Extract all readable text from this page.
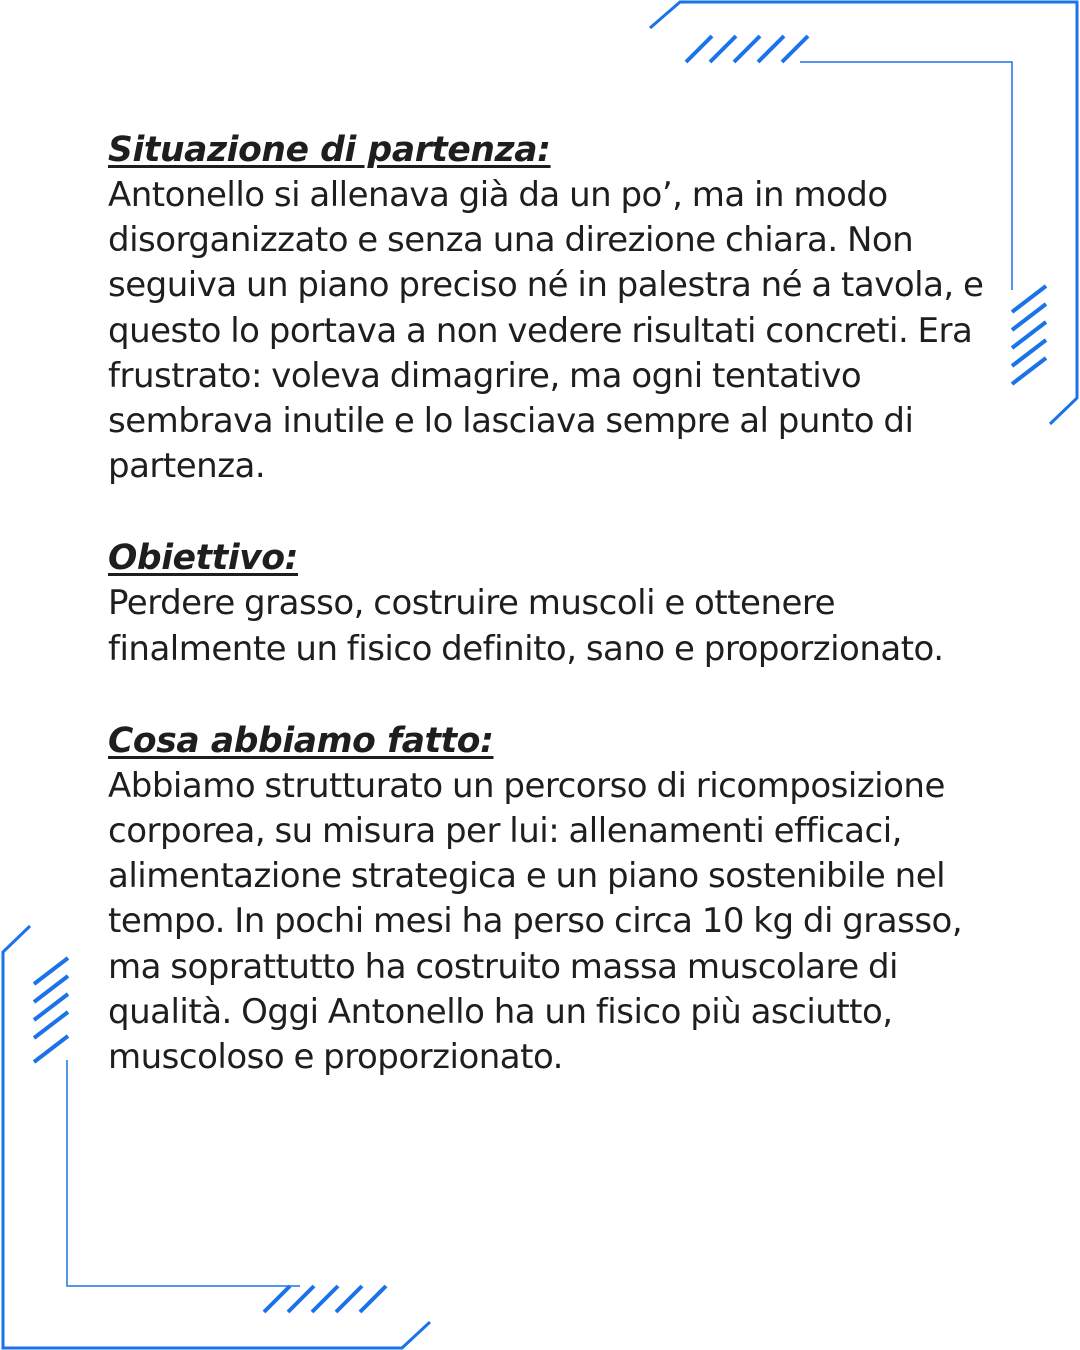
Situazione di partenza:

Antonello si allenava già da un po’, ma in modo disorganizzato e senza una direzione chiara. Non seguiva un piano preciso né in palestra né a tavola, e questo lo portava a non vedere risultati concreti. Era frustrato: voleva dimagrire, ma ogni tentativo sembrava inutile e lo lasciava sempre al punto di partenza.

Obiettivo:

Perdere grasso, costruire muscoli e ottenere finalmente un fisico definito, sano e proporzionato.

Cosa abbiamo fatto:

Abbiamo strutturato un percorso di ricomposizione corporea, su misura per lui: allenamenti efficaci, alimentazione strategica e un piano sostenibile nel tempo. In pochi mesi ha perso circa 10 kg di grasso, ma soprattutto ha costruito massa muscolare di qualità. Oggi Antonello ha un fisico più asciutto, muscoloso e proporzionato.
